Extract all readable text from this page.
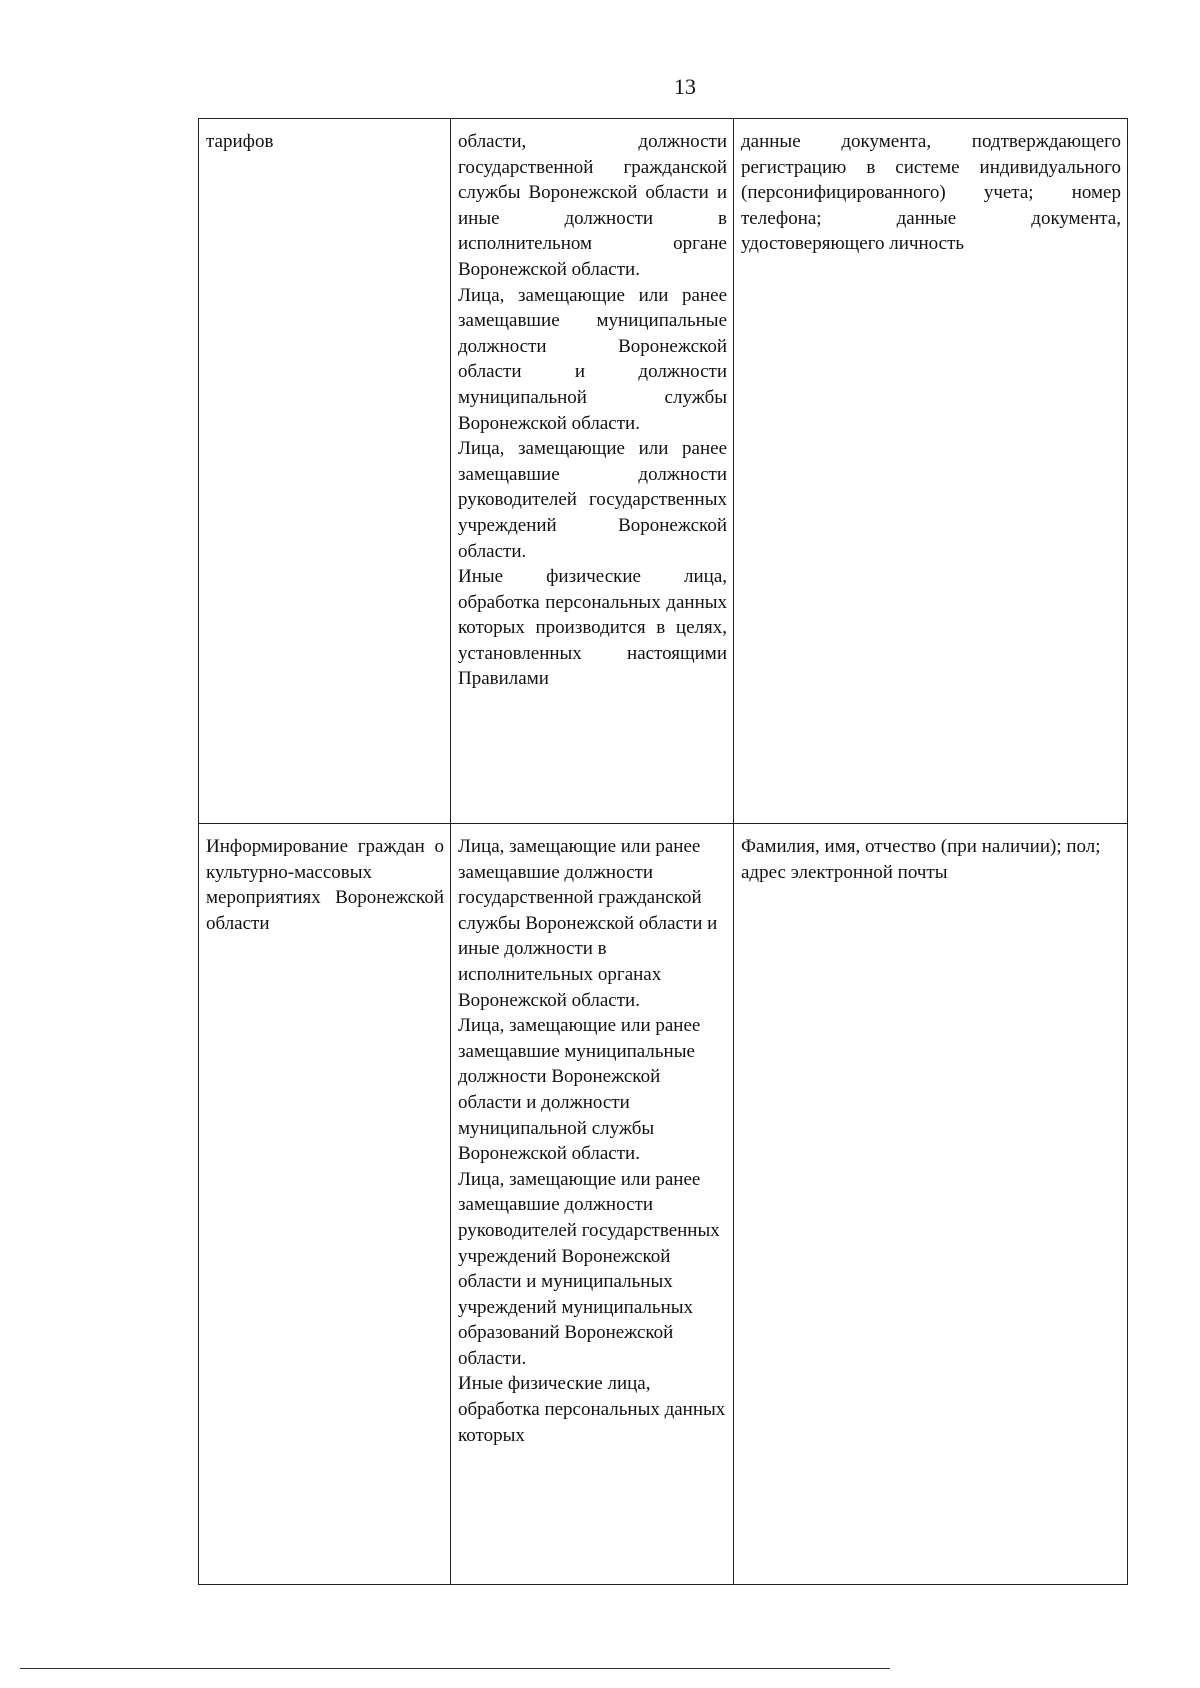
13
тарифов	области, должности государственной гражданской службы Воронежской области и иные должности в исполнительном органе Воронежской области.
Лица, замещающие или ранее замещавшие муниципальные должности Воронежской области и должности муниципальной службы Воронежской области.
Лица, замещающие или ранее замещавшие должности руководителей государственных учреждений Воронежской области.
Иные физические лица, обработка персональных данных которых производится в целях, установленных настоящими Правилами	данные документа, подтверждающего регистрацию в системе индивидуального (персонифицированного) учета; номер телефона; данные документа, удостоверяющего личность

Информирование граждан о культурно-массовых мероприятиях Воронежской области	Лица, замещающие или ранее замещавшие должности государственной гражданской службы Воронежской области и иные должности в исполнительных органах Воронежской области.
Лица, замещающие или ранее замещавшие муниципальные должности Воронежской области и должности муниципальной службы Воронежской области.
Лица, замещающие или ранее замещавшие должности руководителей государственных учреждений Воронежской области и муниципальных учреждений муниципальных образований Воронежской области.
Иные физические лица, обработка персональных данных которых	Фамилия, имя, отчество (при наличии); пол; адрес электронной почты
